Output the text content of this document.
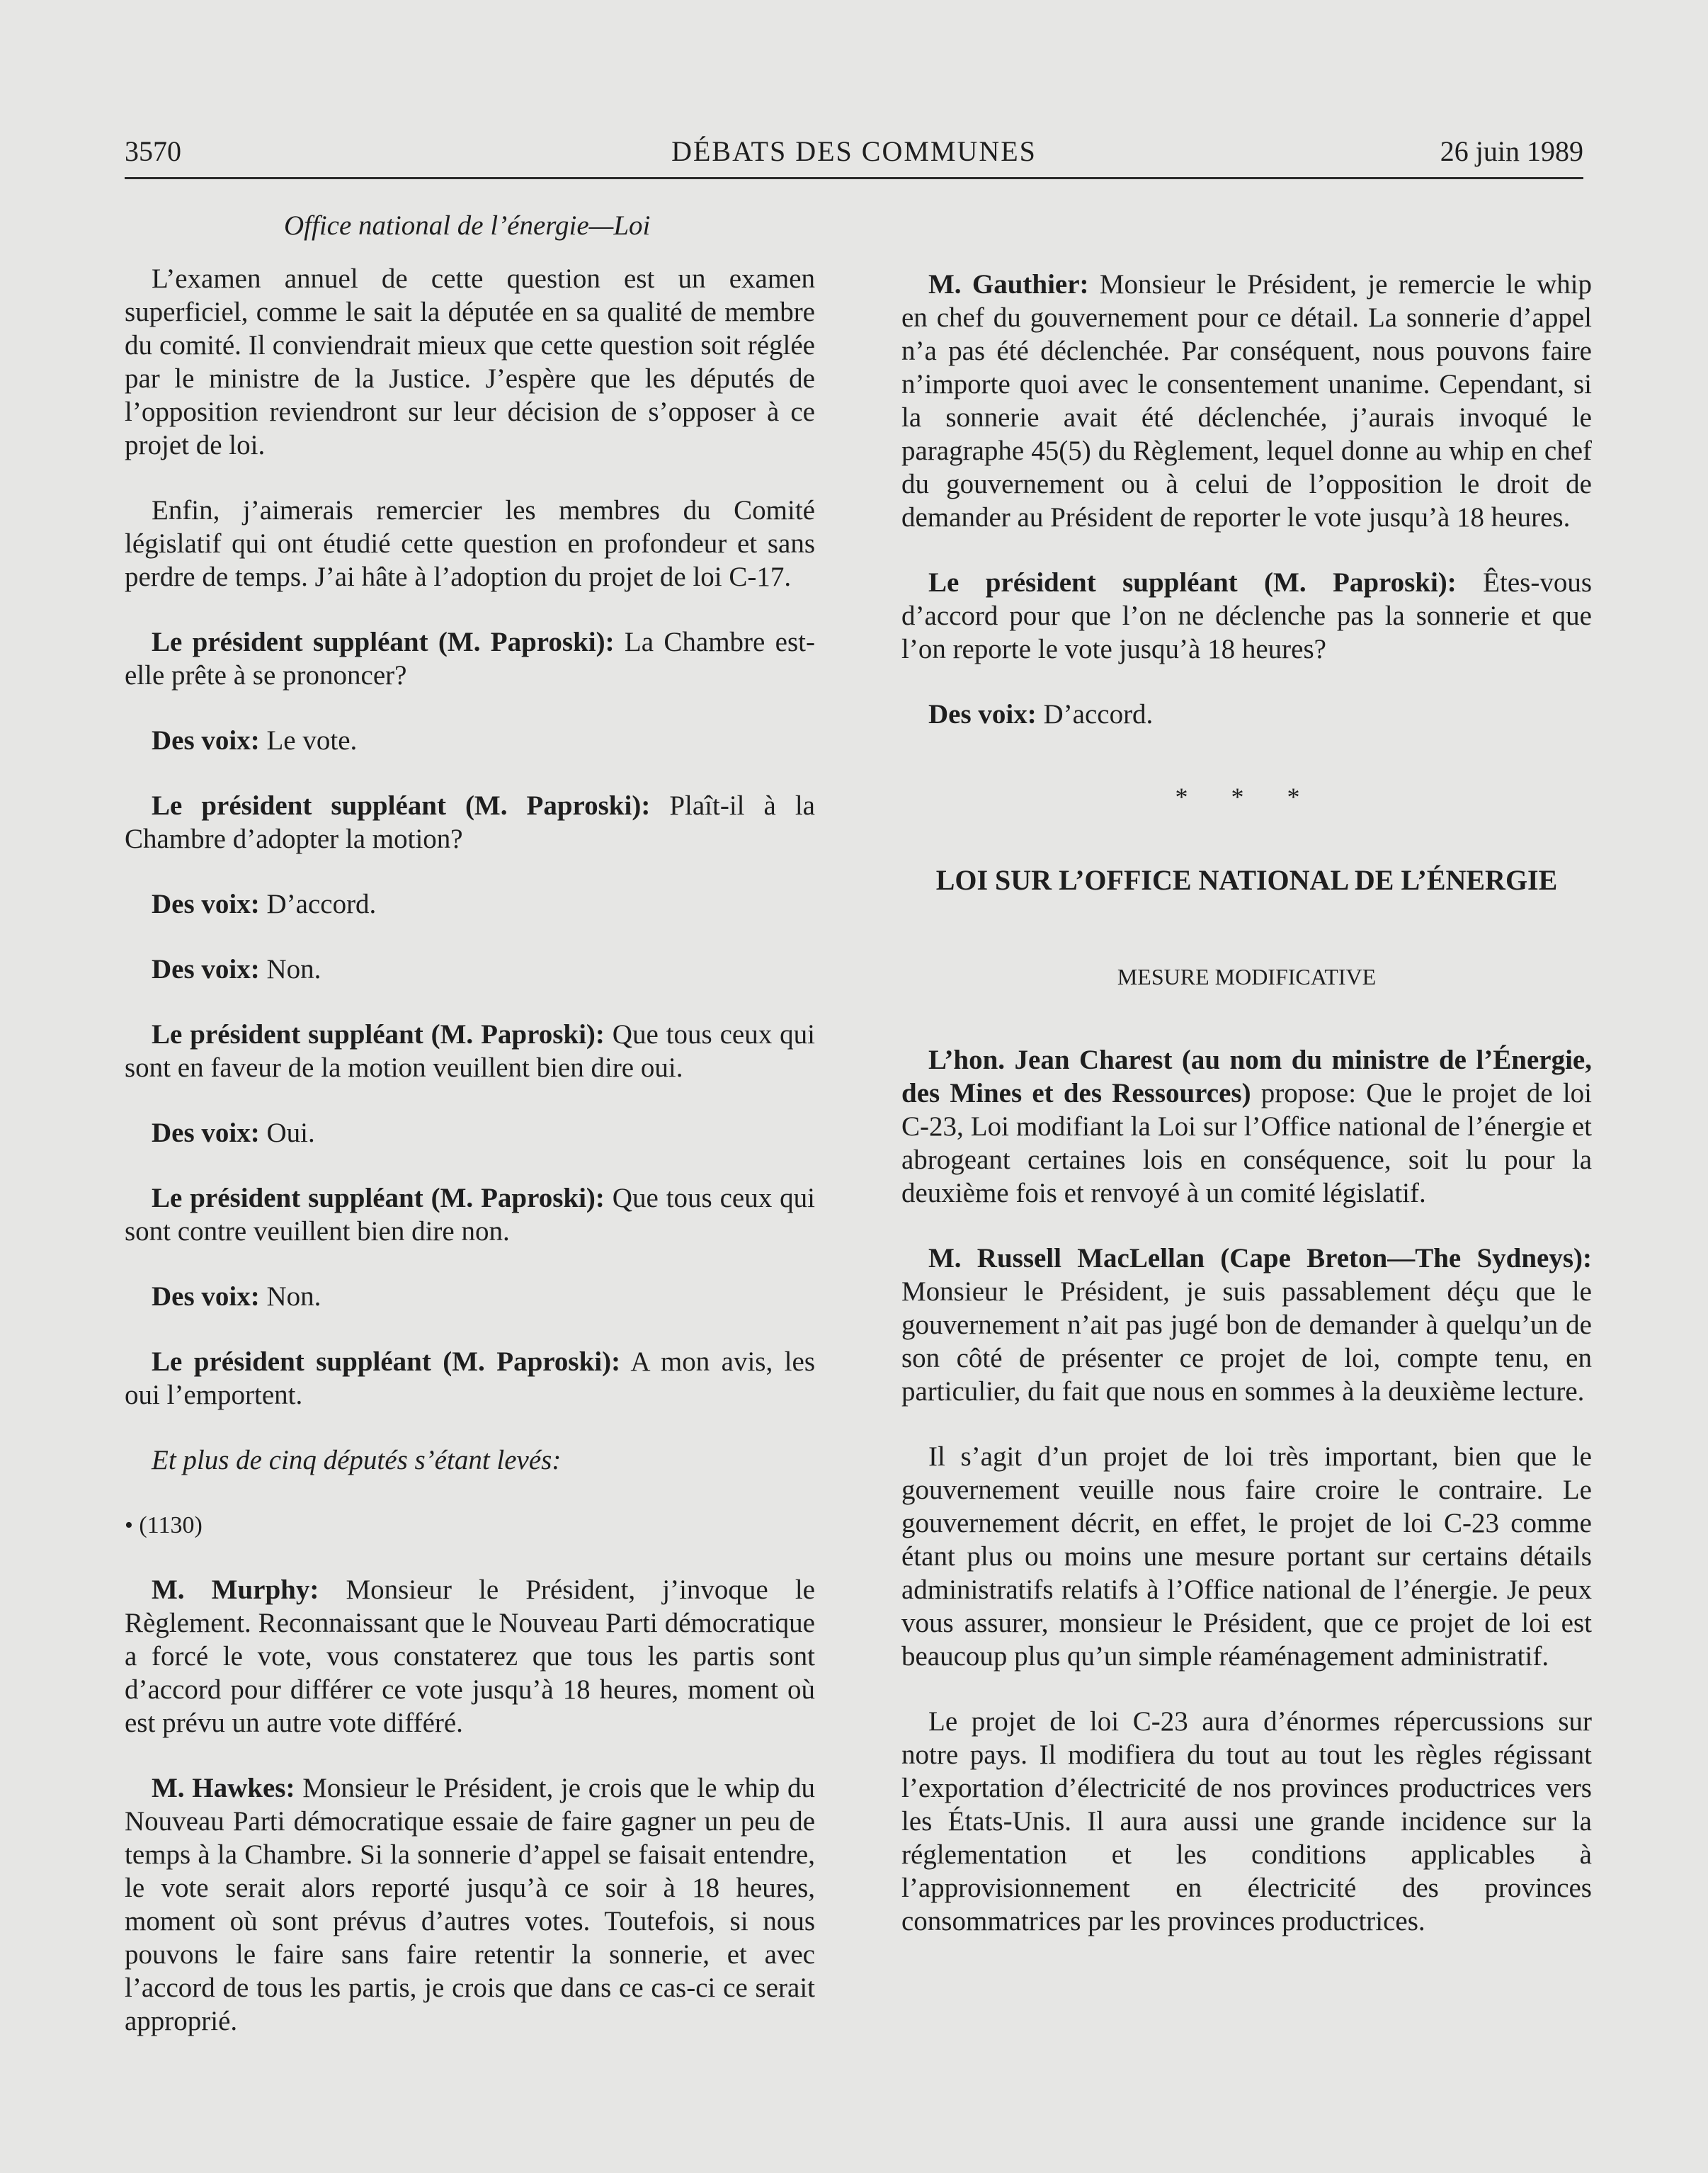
3570	DÉBATS DES COMMUNES	26 juin 1989
Office national de l’énergie—Loi

L’examen annuel de cette question est un examen superficiel, comme le sait la députée en sa qualité de membre du comité. Il conviendrait mieux que cette question soit réglée par le ministre de la Justice. J’espère que les députés de l’opposition reviendront sur leur décision de s’opposer à ce projet de loi.

Enfin, j’aimerais remercier les membres du Comité législatif qui ont étudié cette question en profondeur et sans perdre de temps. J’ai hâte à l’adoption du projet de loi C-17.

Le président suppléant (M. Paproski): La Chambre est-elle prête à se prononcer?

Des voix: Le vote.

Le président suppléant (M. Paproski): Plaît-il à la Chambre d’adopter la motion?

Des voix: D’accord.

Des voix: Non.

Le président suppléant (M. Paproski): Que tous ceux qui sont en faveur de la motion veuillent bien dire oui.

Des voix: Oui.

Le président suppléant (M. Paproski): Que tous ceux qui sont contre veuillent bien dire non.

Des voix: Non.

Le président suppléant (M. Paproski): A mon avis, les oui l’emportent.

Et plus de cinq députés s’étant levés:

• (1130)

M. Murphy: Monsieur le Président, j’invoque le Règlement. Reconnaissant que le Nouveau Parti démocratique a forcé le vote, vous constaterez que tous les partis sont d’accord pour différer ce vote jusqu’à 18 heures, moment où est prévu un autre vote différé.

M. Hawkes: Monsieur le Président, je crois que le whip du Nouveau Parti démocratique essaie de faire gagner un peu de temps à la Chambre. Si la sonnerie d’appel se faisait entendre, le vote serait alors reporté jusqu’à ce soir à 18 heures, moment où sont prévus d’autres votes. Toutefois, si nous pouvons le faire sans faire retentir la sonnerie, et avec l’accord de tous les partis, je crois que dans ce cas-ci ce serait approprié.

M. Gauthier: Monsieur le Président, je remercie le whip en chef du gouvernement pour ce détail. La sonnerie d’appel n’a pas été déclenchée. Par conséquent, nous pouvons faire n’importe quoi avec le consentement unanime. Cependant, si la sonnerie avait été déclenchée, j’aurais invoqué le paragraphe 45(5) du Règlement, lequel donne au whip en chef du gouvernement ou à celui de l’opposition le droit de demander au Président de reporter le vote jusqu’à 18 heures.

Le président suppléant (M. Paproski): Êtes-vous d’accord pour que l’on ne déclenche pas la sonnerie et que l’on reporte le vote jusqu’à 18 heures?

Des voix: D’accord.

* * *
LOI SUR L’OFFICE NATIONAL DE L’ÉNERGIE
MESURE MODIFICATIVE

L’hon. Jean Charest (au nom du ministre de l’Énergie, des Mines et des Ressources) propose: Que le projet de loi C-23, Loi modifiant la Loi sur l’Office national de l’énergie et abrogeant certaines lois en conséquence, soit lu pour la deuxième fois et renvoyé à un comité législatif.

M. Russell MacLellan (Cape Breton—The Sydneys): Monsieur le Président, je suis passablement déçu que le gouvernement n’ait pas jugé bon de demander à quelqu’un de son côté de présenter ce projet de loi, compte tenu, en particulier, du fait que nous en sommes à la deuxième lecture.

Il s’agit d’un projet de loi très important, bien que le gouvernement veuille nous faire croire le contraire. Le gouvernement décrit, en effet, le projet de loi C-23 comme étant plus ou moins une mesure portant sur certains détails administratifs relatifs à l’Office national de l’énergie. Je peux vous assurer, monsieur le Président, que ce projet de loi est beaucoup plus qu’un simple réaménagement administratif.

Le projet de loi C-23 aura d’énormes répercussions sur notre pays. Il modifiera du tout au tout les règles régissant l’exportation d’électricité de nos provinces productrices vers les États-Unis. Il aura aussi une grande incidence sur la réglementation et les conditions applicables à l’approvisionnement en électricité des provinces consommatrices par les provinces productrices.
